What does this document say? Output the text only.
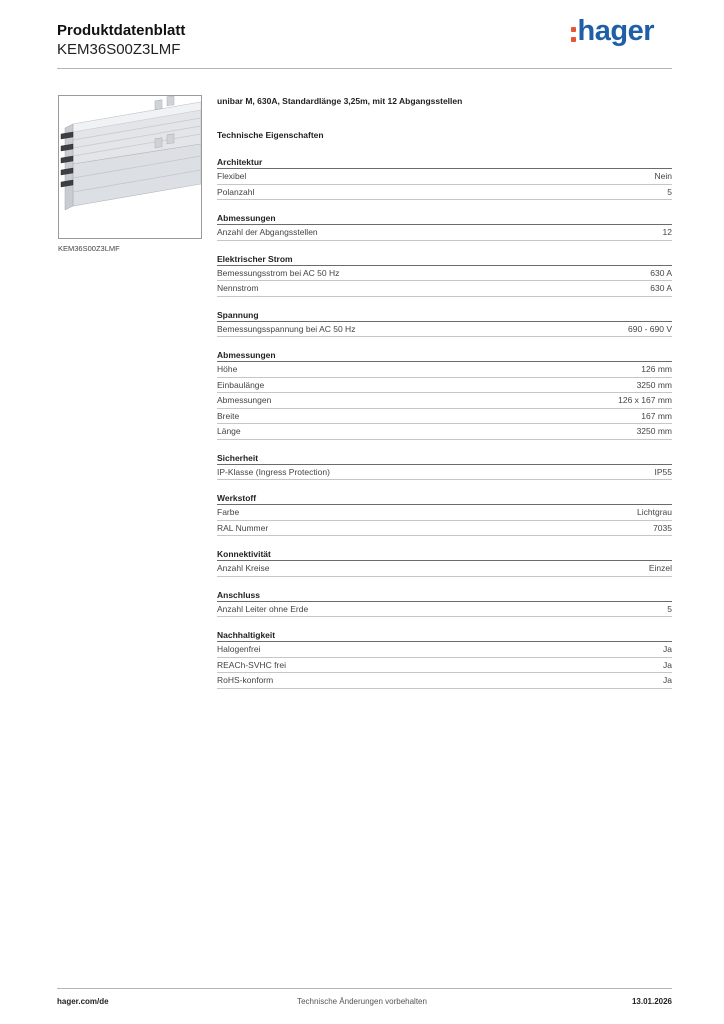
Produktdatenblatt
KEM36S00Z3LMF
hager
KEM36S00Z3LMF
unibar M, 630A, Standardlänge 3,25m, mit 12 Abgangsstellen
Technische Eigenschaften
Architektur
Flexibel	Nein
Polanzahl	5
Abmessungen
Anzahl der Abgangsstellen	12
Elektrischer Strom
Bemessungsstrom bei AC 50 Hz	630 A
Nennstrom	630 A
Spannung
Bemessungsspannung bei AC 50 Hz	690 - 690 V
Abmessungen
Höhe	126 mm
Einbaulänge	3250 mm
Abmessungen	126 x 167 mm
Breite	167 mm
Länge	3250 mm
Sicherheit
IP-Klasse (Ingress Protection)	IP55
Werkstoff
Farbe	Lichtgrau
RAL Nummer	7035
Konnektivität
Anzahl Kreise	Einzel
Anschluss
Anzahl Leiter ohne Erde	5
Nachhaltigkeit
Halogenfrei	Ja
REACh-SVHC frei	Ja
RoHS-konform	Ja
hager.com/de	Technische Änderungen vorbehalten	13.01.2026
